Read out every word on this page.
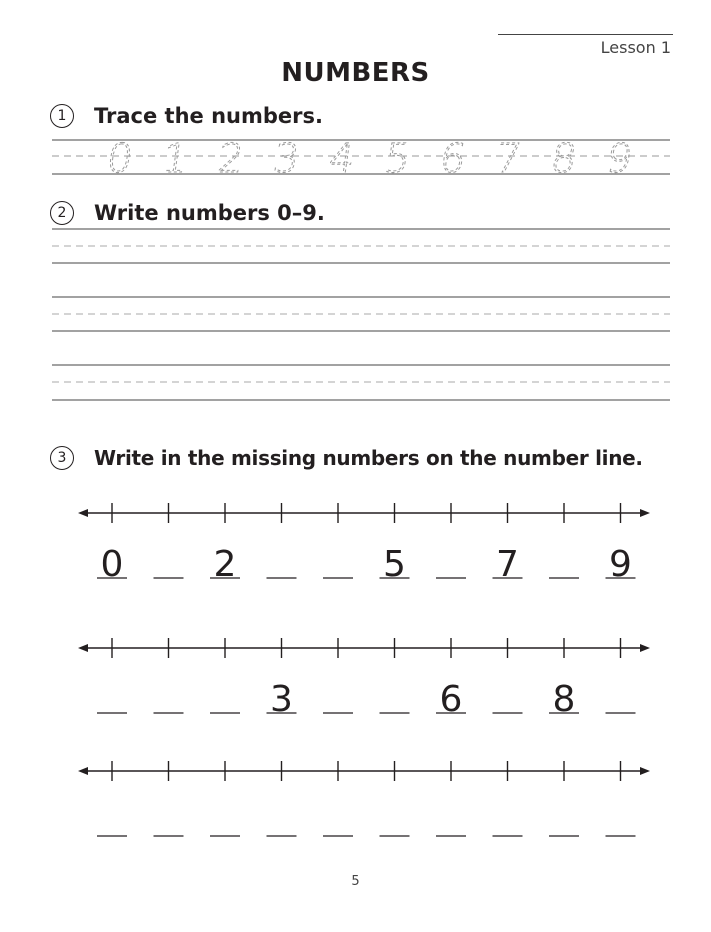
Lesson 1
NUMBERS
1	Trace the numbers.
2	Write numbers 0–9.
3	Write in the missing numbers on the number line.
0 1 2 3 4 5 6 7 8 9
0	2	5	7	9
3	6	8
5
